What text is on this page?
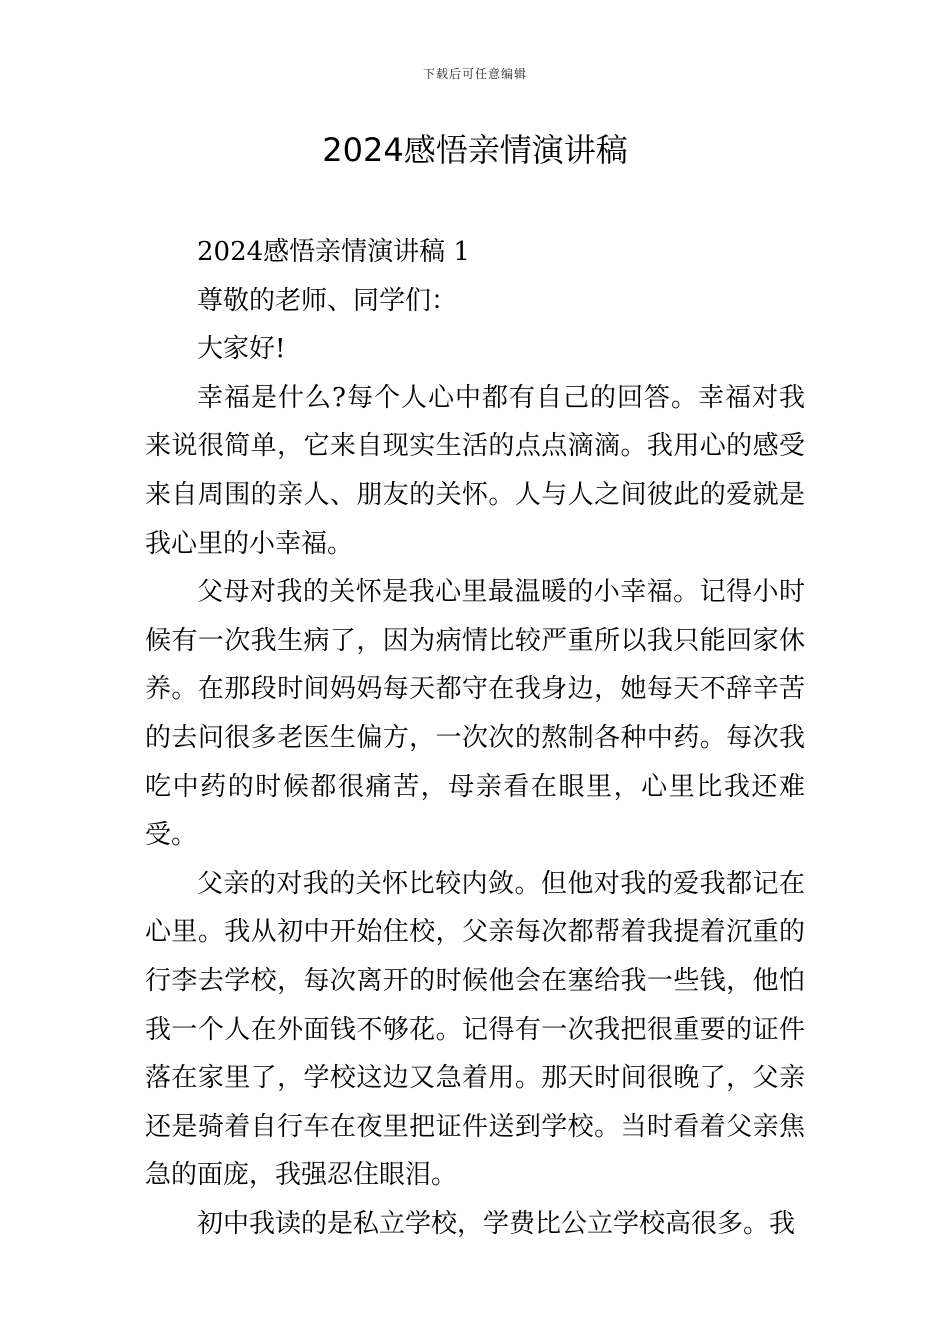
下载后可任意编辑
2024感悟亲情演讲稿

2024感悟亲情演讲稿 1

尊敬的老师、同学们：

大家好!

幸福是什么?每个人心中都有自己的回答。幸福对我来说很简单，它来自现实生活的点点滴滴。我用心的感受来自周围的亲人、朋友的关怀。人与人之间彼此的爱就是我心里的小幸福。

父母对我的关怀是我心里最温暖的小幸福。记得小时候有一次我生病了，因为病情比较严重所以我只能回家休养。在那段时间妈妈每天都守在我身边，她每天不辞辛苦的去问很多老医生偏方，一次次的熬制各种中药。每次我吃中药的时候都很痛苦，母亲看在眼里，心里比我还难受。

父亲的对我的关怀比较内敛。但他对我的爱我都记在心里。我从初中开始住校，父亲每次都帮着我提着沉重的行李去学校，每次离开的时候他会在塞给我一些钱，他怕我一个人在外面钱不够花。记得有一次我把很重要的证件落在家里了，学校这边又急着用。那天时间很晚了，父亲还是骑着自行车在夜里把证件送到学校。当时看着父亲焦急的面庞，我强忍住眼泪。

初中我读的是私立学校，学费比公立学校高很多。我
